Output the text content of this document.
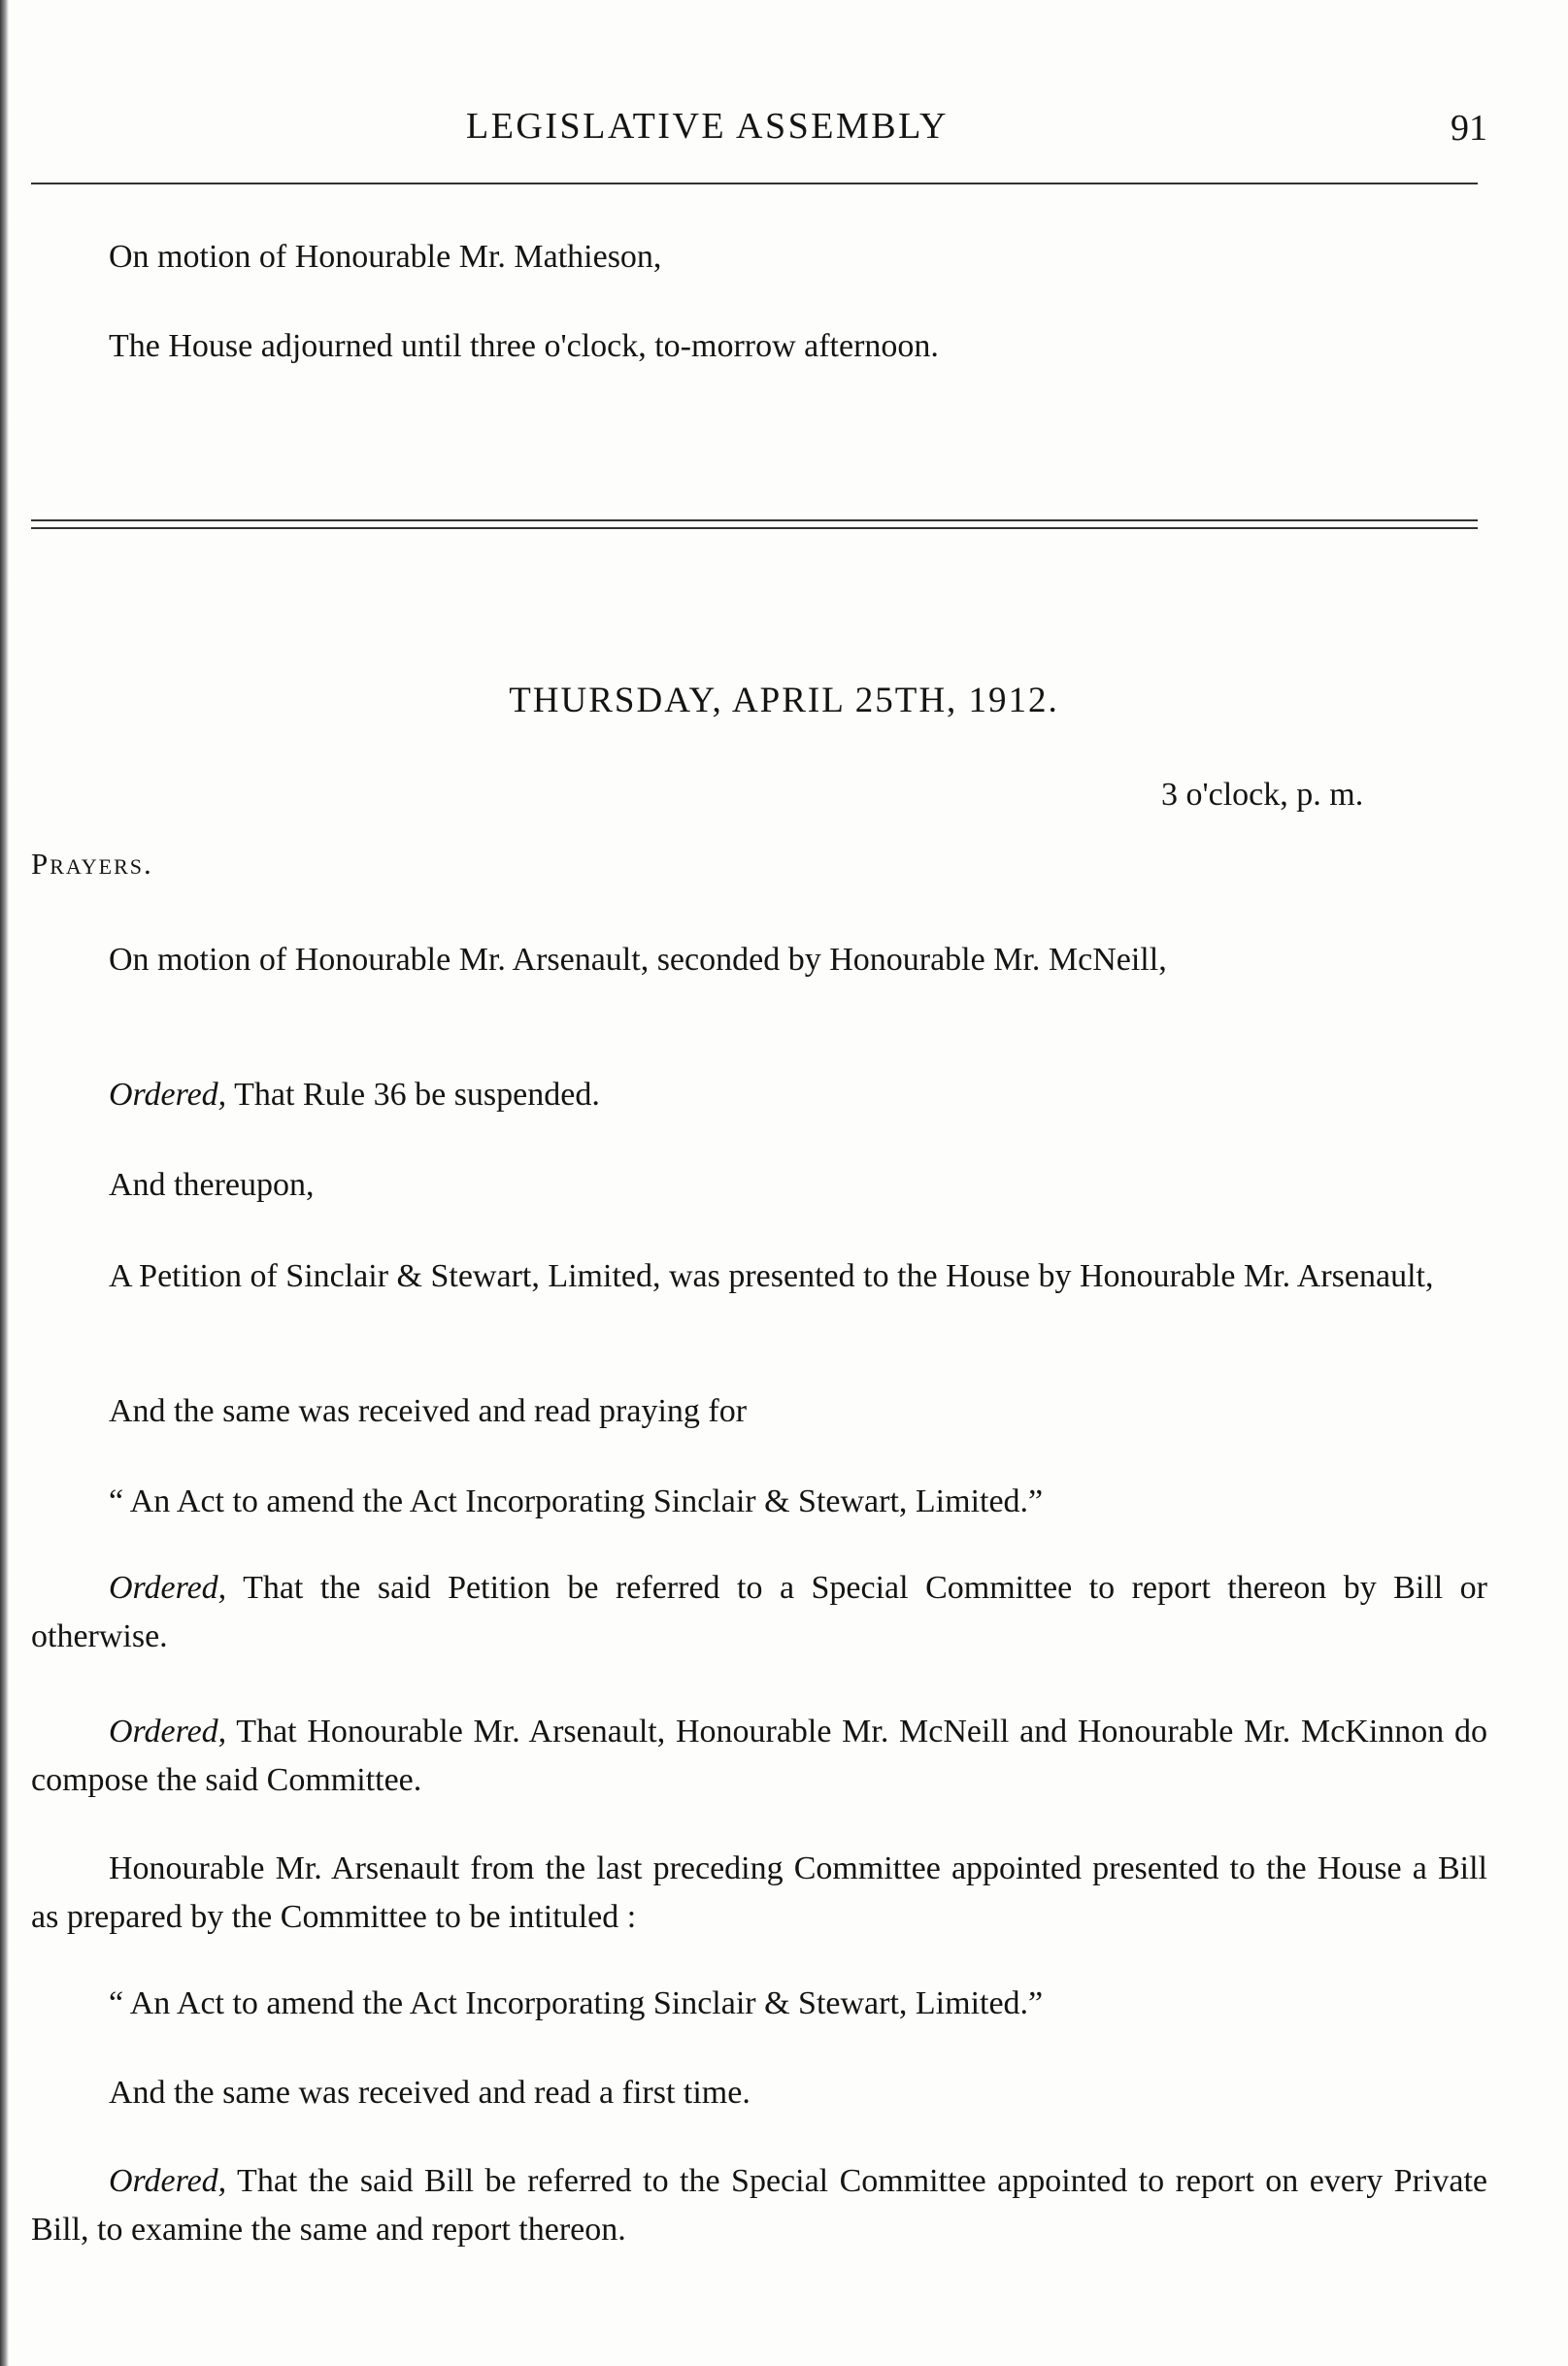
LEGISLATIVE ASSEMBLY	91
On motion of Honourable Mr. Mathieson,
The House adjourned until three o'clock, to-morrow afternoon.
THURSDAY, APRIL 25TH, 1912.
3 o'clock, p. m.
Prayers.
On motion of Honourable Mr. Arsenault, seconded by Honourable Mr. McNeill,
Ordered, That Rule 36 be suspended.
And thereupon,
A Petition of Sinclair & Stewart, Limited, was presented to the House by Honourable Mr. Arsenault,
And the same was received and read praying for
“ An Act to amend the Act Incorporating Sinclair & Stewart, Limited.”
Ordered, That the said Petition be referred to a Special Committee to report thereon by Bill or otherwise.
Ordered, That Honourable Mr. Arsenault, Honourable Mr. McNeill and Honourable Mr. McKinnon do compose the said Committee.
Honourable Mr. Arsenault from the last preceding Committee appointed presented to the House a Bill as prepared by the Committee to be intituled :
“ An Act to amend the Act Incorporating Sinclair & Stewart, Limited.”
And the same was received and read a first time.
Ordered, That the said Bill be referred to the Special Committee appointed to report on every Private Bill, to examine the same and report thereon.
